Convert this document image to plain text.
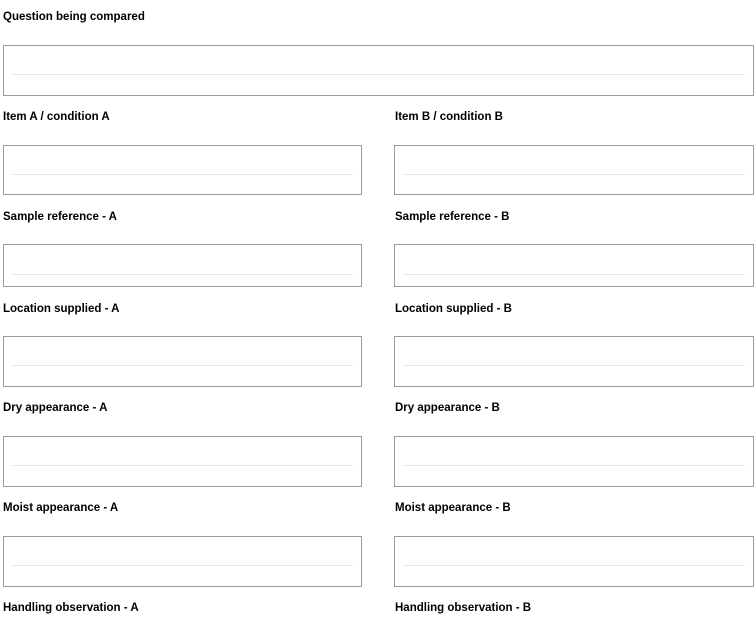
Question being compared
Item A / condition A	Item B / condition B
Sample reference - A	Sample reference - B
Location supplied - A	Location supplied - B
Dry appearance - A	Dry appearance - B
Moist appearance - A	Moist appearance - B
Handling observation - A	Handling observation - B
